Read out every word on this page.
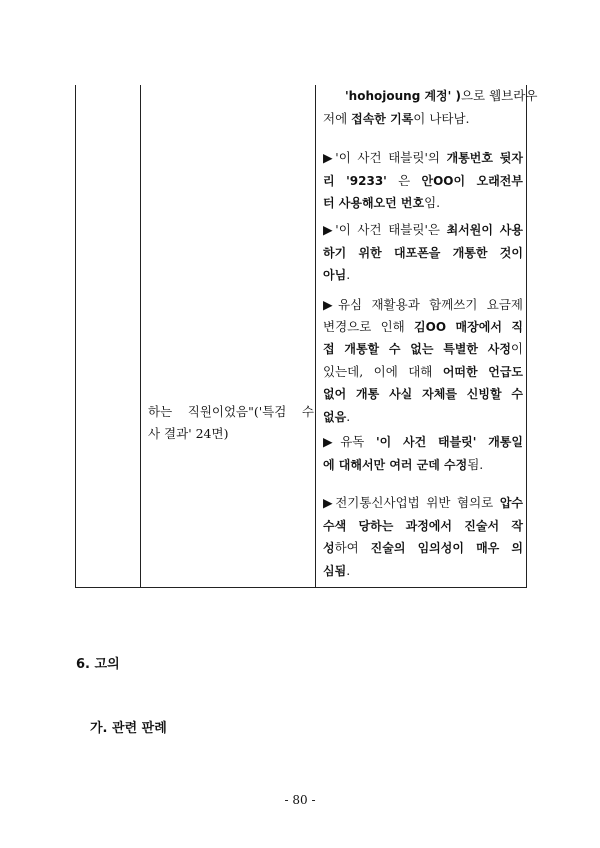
하는 직원이었음"('특검 수
사 결과' 24면)
'hohojoung 계정' )으로 웹브라우
저에 접속한 기록이 나타남.
▶'이 사건 태블릿'의 개통번호 뒷자
리 '9233' 은 안OO이 오래전부
터 사용해오던 번호임.
▶'이 사건 태블릿'은 최서원이 사용
하기 위한 대포폰을 개통한 것이
아님.
▶유심 재활용과 함께쓰기 요금제
변경으로 인해 김OO 매장에서 직
접 개통할 수 없는 특별한 사정이
있는데, 이에 대해 어떠한 언급도
없어 개통 사실 자체를 신빙할 수
없음.
▶유독 '이 사건 태블릿' 개통일
에 대해서만 여러 군데 수정됨.
▶전기통신사업법 위반 혐의로 압수
수색 당하는 과정에서 진술서 작
성하여 진술의 임의성이 매우 의
심됨.
6. 고의
가. 관련 판례
- 80 -
